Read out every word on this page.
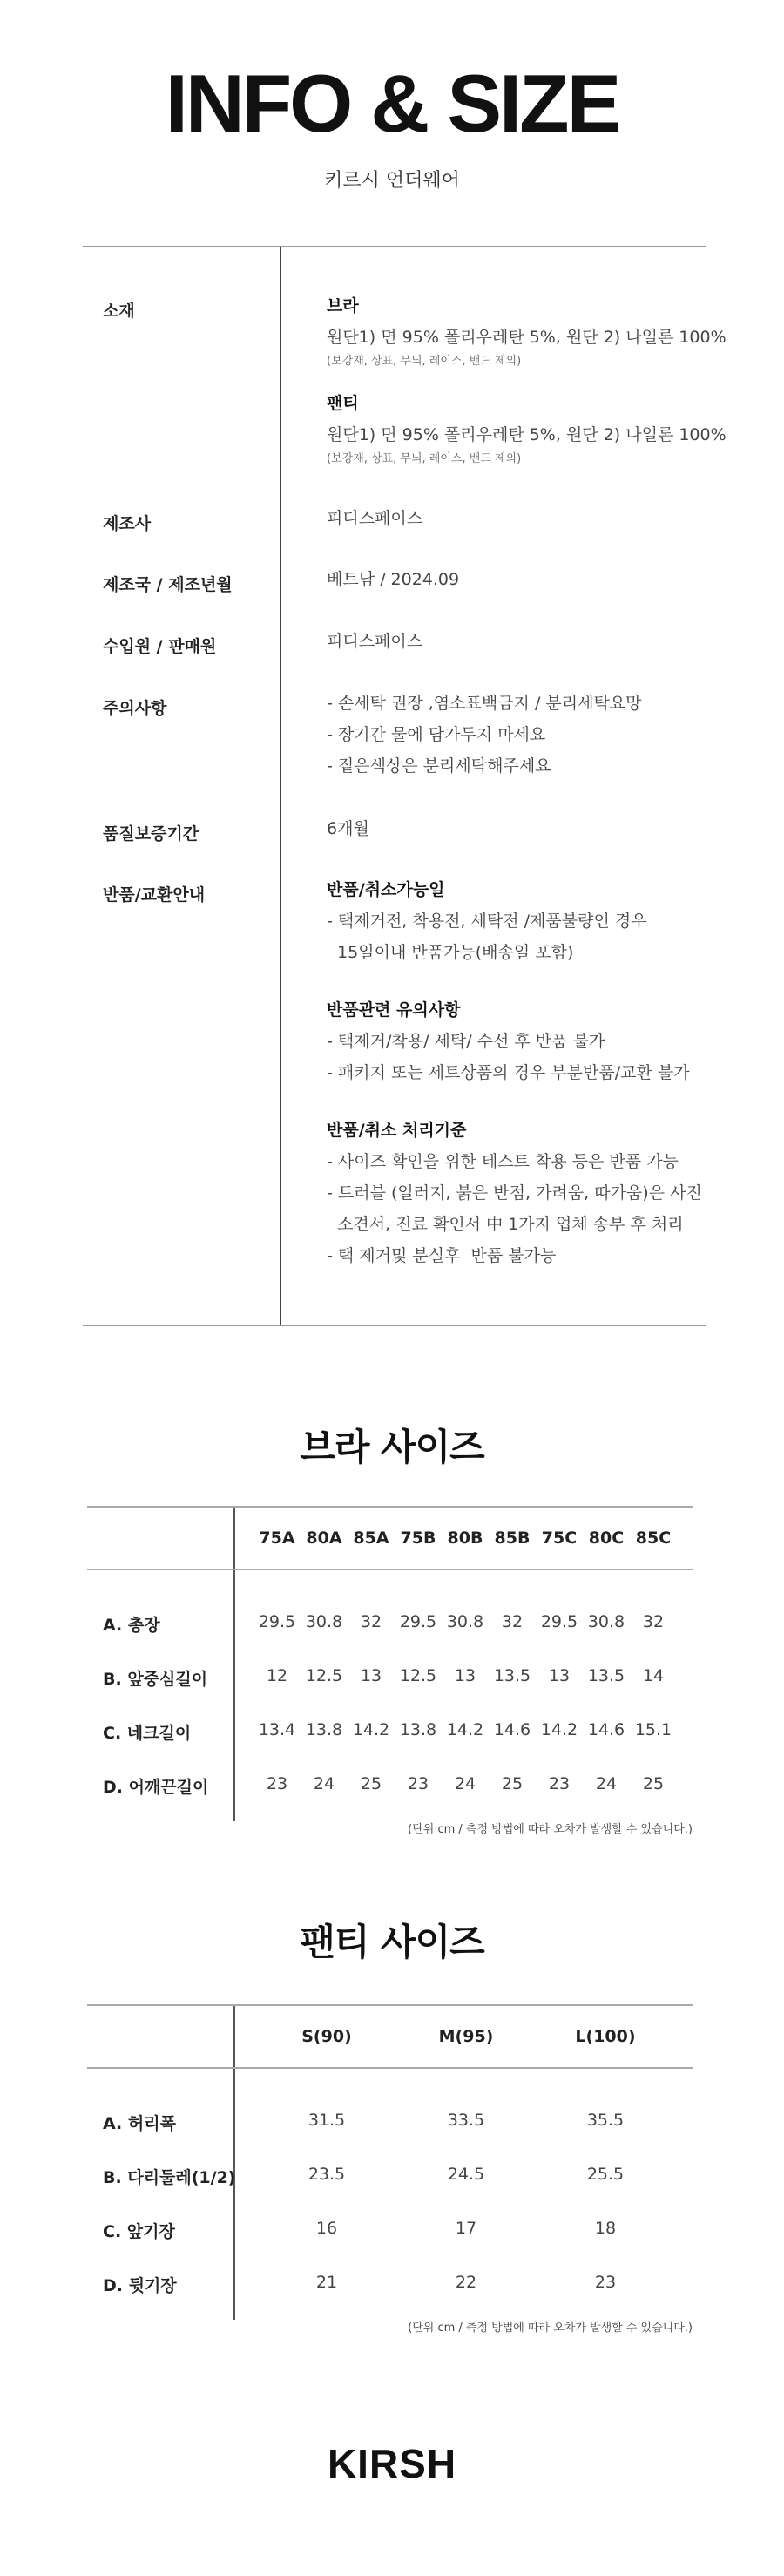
INFO & SIZE
키르시 언더웨어
소재	브라
원단1) 면 95% 폴리우레탄 5%, 원단 2) 나일론 100%
(보강재, 상표, 무늬, 레이스, 밴드 제외)
팬티
원단1) 면 95% 폴리우레탄 5%, 원단 2) 나일론 100%
(보강재, 상표, 무늬, 레이스, 밴드 제외)
제조사	피디스페이스
제조국 / 제조년월	베트남 / 2024.09
수입원 / 판매원	피디스페이스
주의사항	- 손세탁 권장 ,염소표백금지 / 분리세탁요망
- 장기간 물에 담가두지 마세요
- 짙은색상은 분리세탁해주세요
품질보증기간	6개월
반품/교환안내	반품/취소가능일
- 택제거전, 착용전, 세탁전 /제품불량인 경우
15일이내 반품가능(배송일 포함)
반품관련 유의사항
- 택제거/착용/ 세탁/ 수선 후 반품 불가
- 패키지 또는 세트상품의 경우 부분반품/교환 불가
반품/취소 처리기준
- 사이즈 확인을 위한 테스트 착용 등은 반품 가능
- 트러블 (일러지, 붉은 반점, 가려움, 따가움)은 사진
소견서, 진료 확인서 中 1가지 업체 송부 후 처리
- 택 제거및 분실후  반품 불가능
브라 사이즈
75A 80A 85A 75B 80B 85B 75C 80C 85C
A. 총장	29.5 30.8	32	29.5 30.8	32	29.5 30.8	32
B. 앞중심길이	12	12.5	13	12.5	13	13.5	13	13.5	14
C. 네크길이	13.4 13.8 14.2 13.8 14.2 14.6 14.2 14.6 15.1
D. 어깨끈길이	23	24	25	23	24	25	23	24	25
(단위 cm / 측정 방법에 따라 오차가 발생할 수 있습니다.)
팬티 사이즈
S(90)	M(95)	L(100)
A. 허리폭	31.5	33.5	35.5
B. 다리둘레(1/2)	23.5	24.5	25.5
C. 앞기장	16	17	18
D. 뒷기장	21	22	23
(단위 cm / 측정 방법에 따라 오차가 발생할 수 있습니다.)
KIRSH
